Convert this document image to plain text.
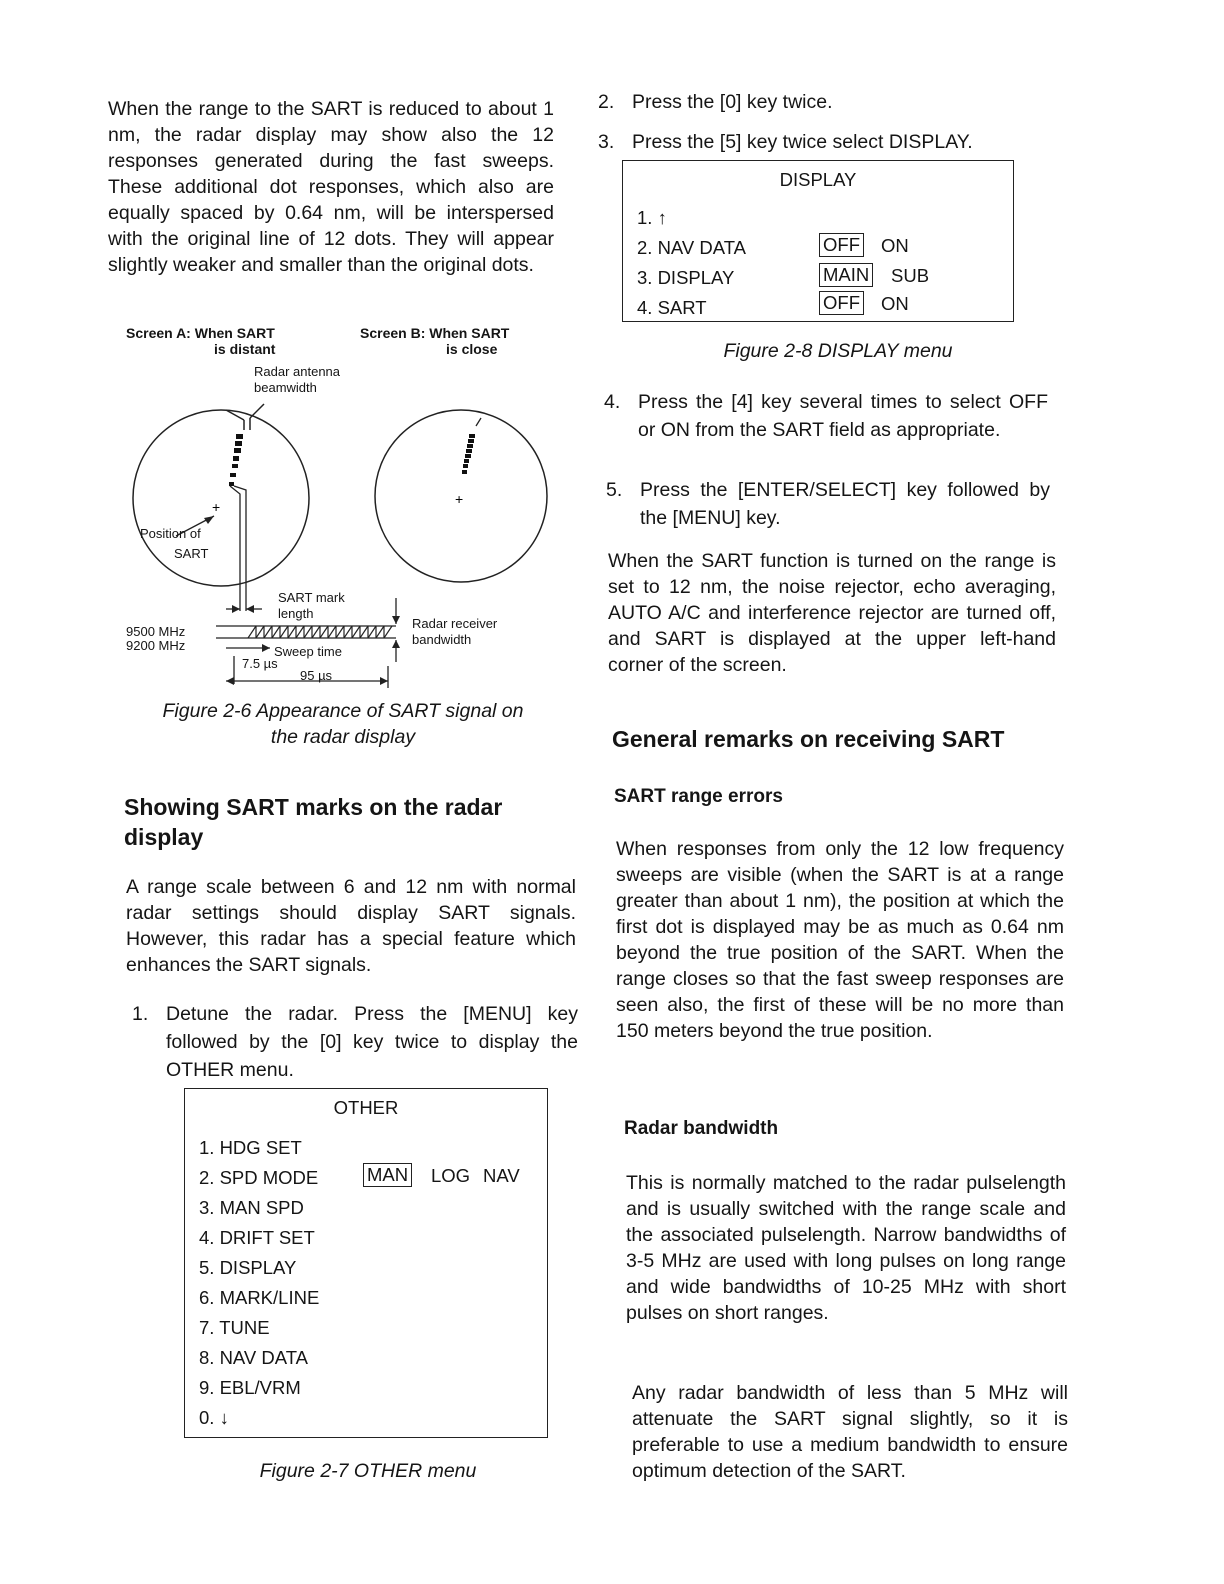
When the range to the SART is reduced to about 1 nm, the radar display may show also the 12 responses generated during the fast sweeps. These additional dot responses, which also are equally spaced by 0.64 nm, will be interspersed with the original line of 12 dots. They will appear slightly weaker and smaller than the original dots.
Screen A: When SART
is distant
Screen B: When SART
is close
Radar antenna
beamwidth
+	+
Position of
SART
SART mark
length
Radar receiver
bandwidth
9500 MHz
9200 MHz	Sweep time
7.5 µs
95 µs
Figure 2-6 Appearance of SART signal on
the radar display
Showing SART marks on the radar
display
A range scale between 6 and 12 nm with normal radar settings should display SART signals. However, this radar has a special feature which enhances the SART signals.
1. Detune the radar. Press the [MENU] key followed by the [0] key twice to display the OTHER menu.
OTHER
1. HDG SET
2. SPD MODE	MAN LOG NAV
3. MAN SPD
4. DRIFT SET
5. DISPLAY
6. MARK/LINE
7. TUNE
8. NAV DATA
9. EBL/VRM
0. ↓
Figure 2-7 OTHER menu
2. Press the [0] key twice.
3. Press the [5] key twice select DISPLAY.
DISPLAY
1. ↑
2. NAV DATA	OFF ON
3. DISPLAY	MAIN SUB
4. SART	OFF ON
Figure 2-8 DISPLAY menu
4. Press the [4] key several times to select OFF or ON from the SART field as appropriate.
5. Press the [ENTER/SELECT] key followed by the [MENU] key.
When the SART function is turned on the range is set to 12 nm, the noise rejector, echo averaging, AUTO A/C and interference rejector are turned off, and SART is displayed at the upper left-hand corner of the screen.
General remarks on receiving SART
SART range errors
When responses from only the 12 low frequency sweeps are visible (when the SART is at a range greater than about 1 nm), the position at which the first dot is displayed may be as much as 0.64 nm beyond the true position of the SART. When the range closes so that the fast sweep responses are seen also, the first of these will be no more than 150 meters beyond the true position.
Radar bandwidth
This is normally matched to the radar pulselength and is usually switched with the range scale and the associated pulselength. Narrow bandwidths of 3-5 MHz are used with long pulses on long range and wide bandwidths of 10-25 MHz with short pulses on short ranges.
Any radar bandwidth of less than 5 MHz will attenuate the SART signal slightly, so it is preferable to use a medium bandwidth to ensure optimum detection of the SART.
